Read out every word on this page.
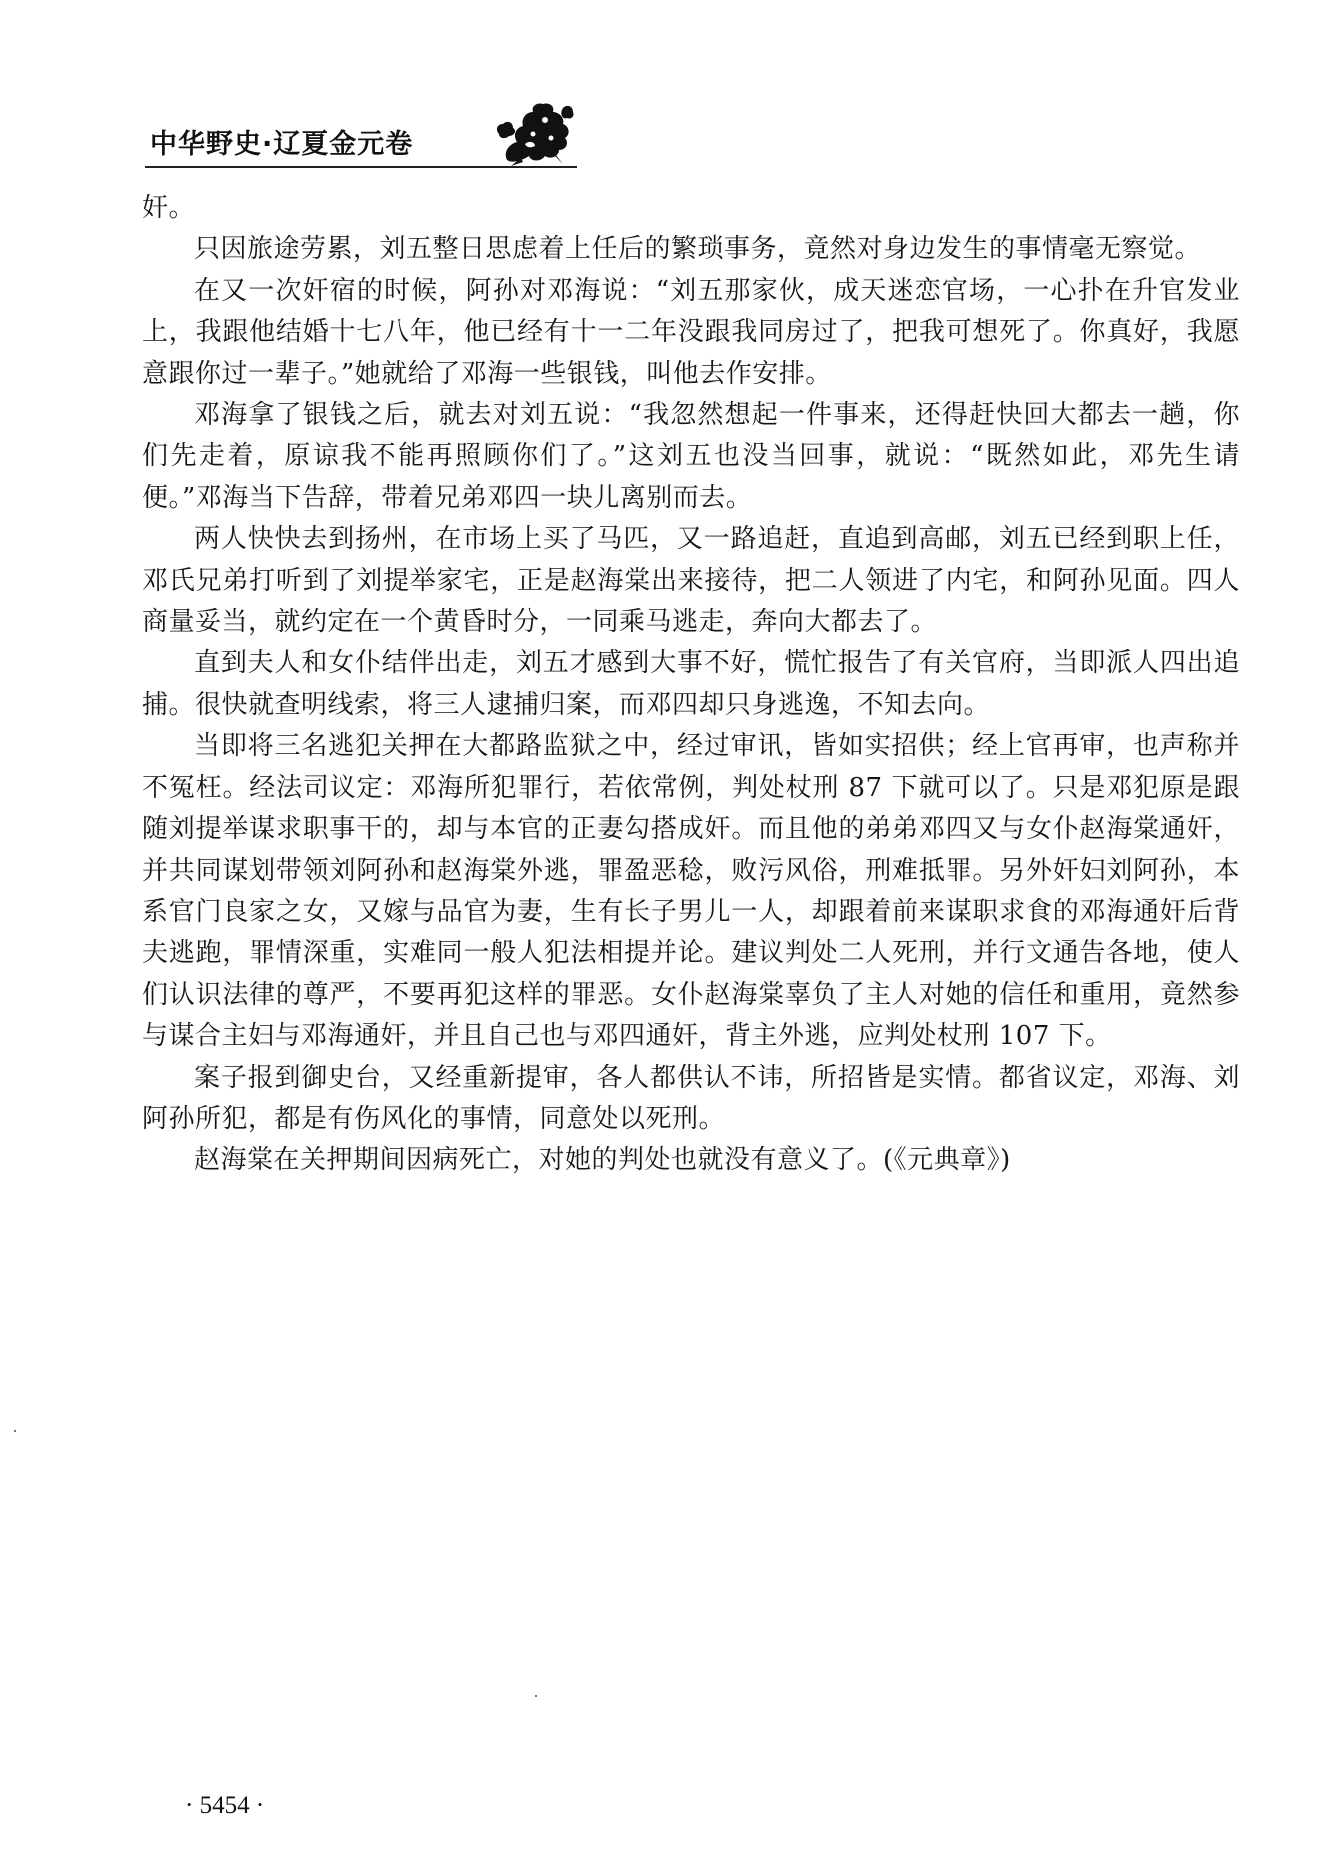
中华野史·辽夏金元卷

奸。

只因旅途劳累，刘五整日思虑着上任后的繁琐事务，竟然对身边发生的事情毫无察觉。

在又一次奸宿的时候，阿孙对邓海说：“刘五那家伙，成天迷恋官场，一心扑在升官发业上，我跟他结婚十七八年，他已经有十一二年没跟我同房过了，把我可想死了。你真好，我愿意跟你过一辈子。”她就给了邓海一些银钱，叫他去作安排。

邓海拿了银钱之后，就去对刘五说：“我忽然想起一件事来，还得赶快回大都去一趟，你们先走着，原谅我不能再照顾你们了。”这刘五也没当回事，就说：“既然如此，邓先生请便。”邓海当下告辞，带着兄弟邓四一块儿离别而去。

两人快快去到扬州，在市场上买了马匹，又一路追赶，直追到高邮，刘五已经到职上任，邓氏兄弟打听到了刘提举家宅，正是赵海棠出来接待，把二人领进了内宅，和阿孙见面。四人商量妥当，就约定在一个黄昏时分，一同乘马逃走，奔向大都去了。

直到夫人和女仆结伴出走，刘五才感到大事不好，慌忙报告了有关官府，当即派人四出追捕。很快就查明线索，将三人逮捕归案，而邓四却只身逃逸，不知去向。

当即将三名逃犯关押在大都路监狱之中，经过审讯，皆如实招供；经上官再审，也声称并不冤枉。经法司议定：邓海所犯罪行，若依常例，判处杖刑 87 下就可以了。只是邓犯原是跟随刘提举谋求职事干的，却与本官的正妻勾搭成奸。而且他的弟弟邓四又与女仆赵海棠通奸，并共同谋划带领刘阿孙和赵海棠外逃，罪盈恶稔，败污风俗，刑难抵罪。另外奸妇刘阿孙，本系官门良家之女，又嫁与品官为妻，生有长子男儿一人，却跟着前来谋职求食的邓海通奸后背夫逃跑，罪情深重，实难同一般人犯法相提并论。建议判处二人死刑，并行文通告各地，使人们认识法律的尊严，不要再犯这样的罪恶。女仆赵海棠辜负了主人对她的信任和重用，竟然参与谋合主妇与邓海通奸，并且自己也与邓四通奸，背主外逃，应判处杖刑 107 下。

案子报到御史台，又经重新提审，各人都供认不讳，所招皆是实情。都省议定，邓海、刘阿孙所犯，都是有伤风化的事情，同意处以死刑。

赵海棠在关押期间因病死亡，对她的判处也就没有意义了。(《元典章》)

· 5454 ·
